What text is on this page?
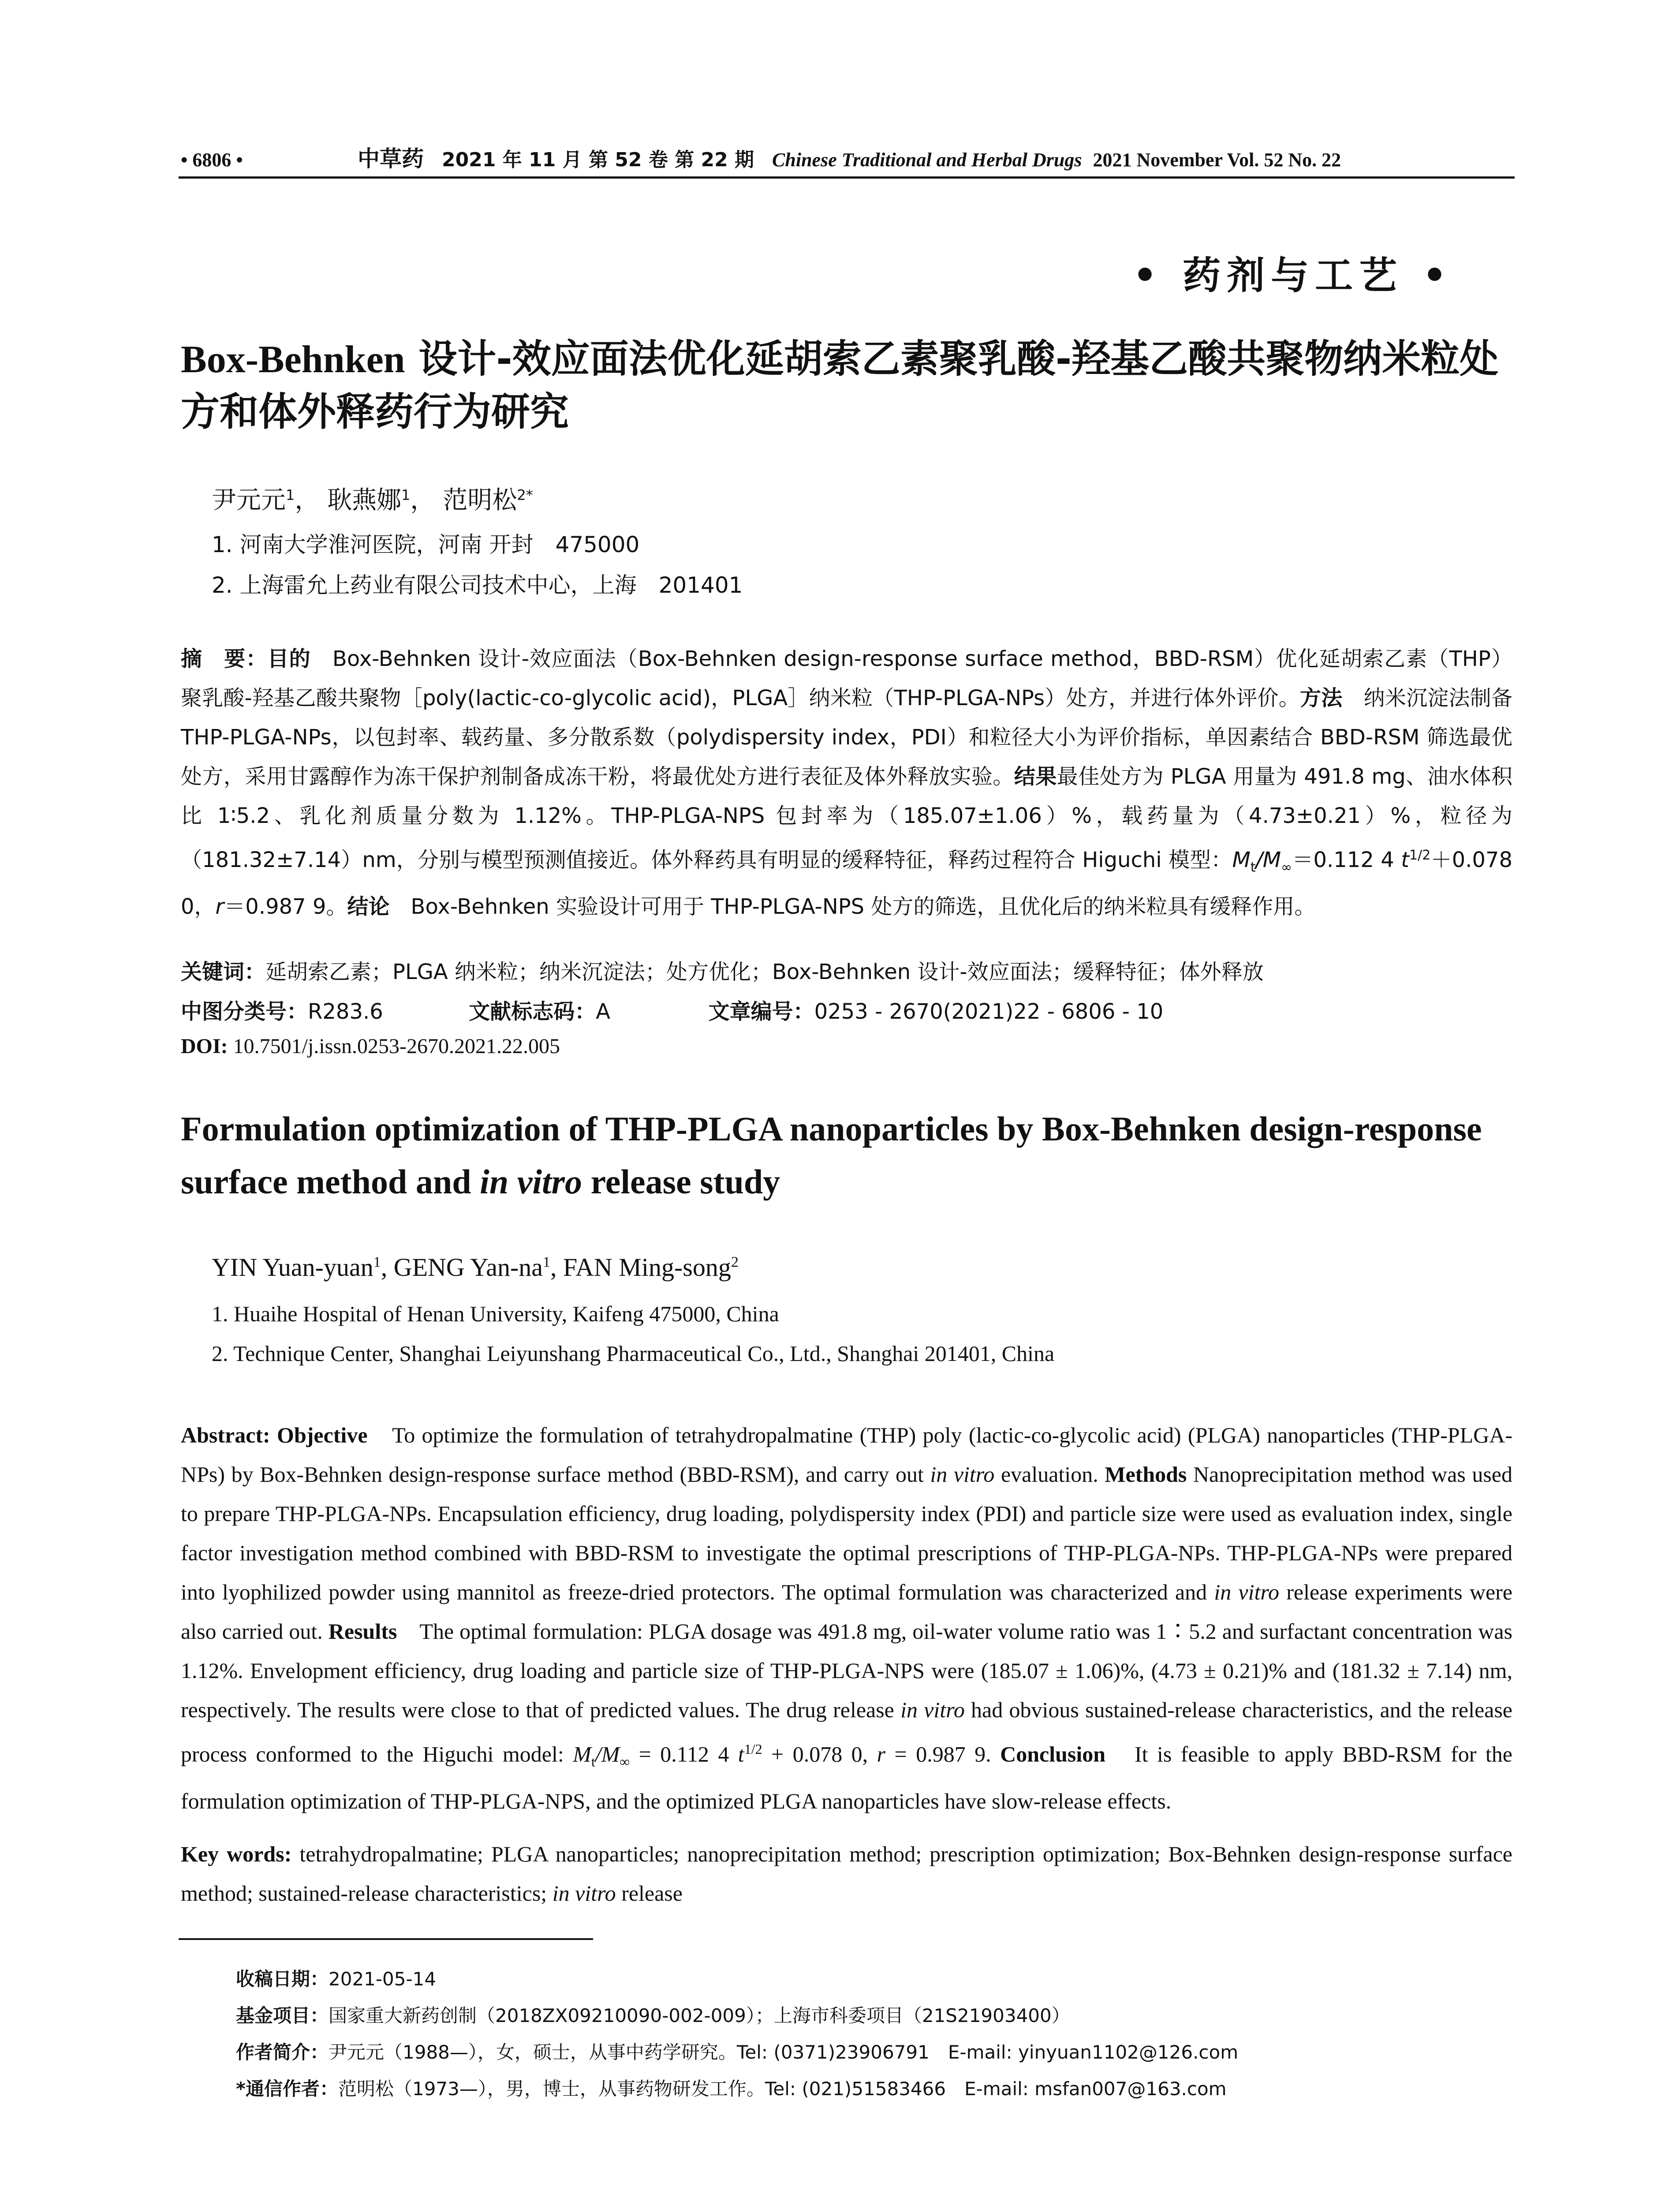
• 6806 •	中草药 2021 年 11 月 第 52 卷 第 22 期 Chinese Traditional and Herbal Drugs 2021 November Vol. 52 No. 22
• 药剂与工艺 •
Box-Behnken 设计-效应面法优化延胡索乙素聚乳酸-羟基乙酸共聚物纳米粒处方和体外释药行为研究
尹元元$^1$， 耿燕娜$^1$， 范明松$^{2*}$
1. 河南大学淮河医院，河南 开封　475000
2. 上海雷允上药业有限公司技术中心，上海　201401
摘　要：目的　Box-Behnken 设计-效应面法（Box-Behnken design-response surface method，BBD-RSM）优化延胡索乙素（THP）聚乳酸-羟基乙酸共聚物［poly(lactic-co-glycolic acid)，PLGA］纳米粒（THP-PLGA-NPs）处方，并进行体外评价。方法　纳米沉淀法制备 THP-PLGA-NPs，以包封率、载药量、多分散系数（polydispersity index，PDI）和粒径大小为评价指标，单因素结合 BBD-RSM 筛选最优处方，采用甘露醇作为冻干保护剂制备成冻干粉，将最优处方进行表征及体外释放实验。结果最佳处方为 PLGA 用量为 491.8 mg、油水体积比 1∶5.2、乳化剂质量分数为 1.12%。THP-PLGA-NPS 包封率为（185.07±1.06）%，载药量为（4.73±0.21）%，粒径为（181.32±7.14）nm，分别与模型预测值接近。体外释药具有明显的缓释特征，释药过程符合 Higuchi 模型：$M_t/M_\infty=0.112$ 4 $t^{1/2}+0.078$ 0，r＝0.987 9。结论　Box-Behnken 实验设计可用于 THP-PLGA-NPS 处方的筛选，且优化后的纳米粒具有缓释作用。
关键词：延胡索乙素；PLGA 纳米粒；纳米沉淀法；处方优化；Box-Behnken 设计-效应面法；缓释特征；体外释放
中图分类号：R283.6	文献标志码：A	文章编号：0253 - 2670(2021)22 - 6806 - 10
DOI: 10.7501/j.issn.0253-2670.2021.22.005
Formulation optimization of THP-PLGA nanoparticles by Box-Behnken design-response surface method and in vitro release study
YIN Yuan-yuan$^1$, GENG Yan-$na^1$, FAN Ming-song$^2$
1. Huaihe Hospital of Henan University, Kaifeng 475000, China
2. Technique Center, Shanghai Leiyunshang Pharmaceutical Co., Ltd., Shanghai 201401, China
Abstract: Objective　To optimize the formulation of tetrahydropalmatine (THP) poly (lactic-co-glycolic acid) (PLGA) nanoparticles (THP-PLGA-NPs) by Box-Behnken design-response surface method (BBD-RSM), and carry out in vitro evaluation. Methods Nanoprecipitation method was used to prepare THP-PLGA-NPs. Encapsulation efficiency, drug loading, polydispersity index (PDI) and particle size were used as evaluation index, single factor investigation method combined with BBD-RSM to investigate the optimal prescriptions of THP-PLGA-NPs. THP-PLGA-NPs were prepared into lyophilized powder using mannitol as freeze-dried protectors. The optimal formulation was characterized and in vitro release experiments were also carried out. Results　The optimal formulation: PLGA dosage was 491.8 mg, oil-water volume ratio was 1∶5.2 and surfactant concentration was 1.12%. Envelopment efficiency, drug loading and particle size of THP-PLGA-NPS were (185.07 ± 1.06)%, (4.73 ± 0.21)% and (181.32 ± 7.14) nm, respectively. The results were close to that of predicted values. The drug release in vitro had obvious sustained-release characteristics, and the release process conformed to the Higuchi model: $M_t/M_\infty = 0.112$ 4 $t^{1/2} + 0.078$ 0, r = 0.987 9. Conclusion　It is feasible to apply BBD-RSM for the formulation optimization of THP-PLGA-NPS, and the optimized PLGA nanoparticles have slow-release effects.
Key words: tetrahydropalmatine; PLGA nanoparticles; nanoprecipitation method; prescription optimization; Box-Behnken design-response surface method; sustained-release characteristics; in vitro release
收稿日期：2021-05-14
基金项目：国家重大新药创制（2018ZX09210090-002-009）；上海市科委项目（21S21903400）
作者简介：尹元元（1988—），女，硕士，从事中药学研究。Tel: (0371)23906791　E-mail: yinyuan1102@126.com
*通信作者：范明松（1973—），男，博士，从事药物研发工作。Tel: (021)51583466　E-mail: msfan007@163.com
